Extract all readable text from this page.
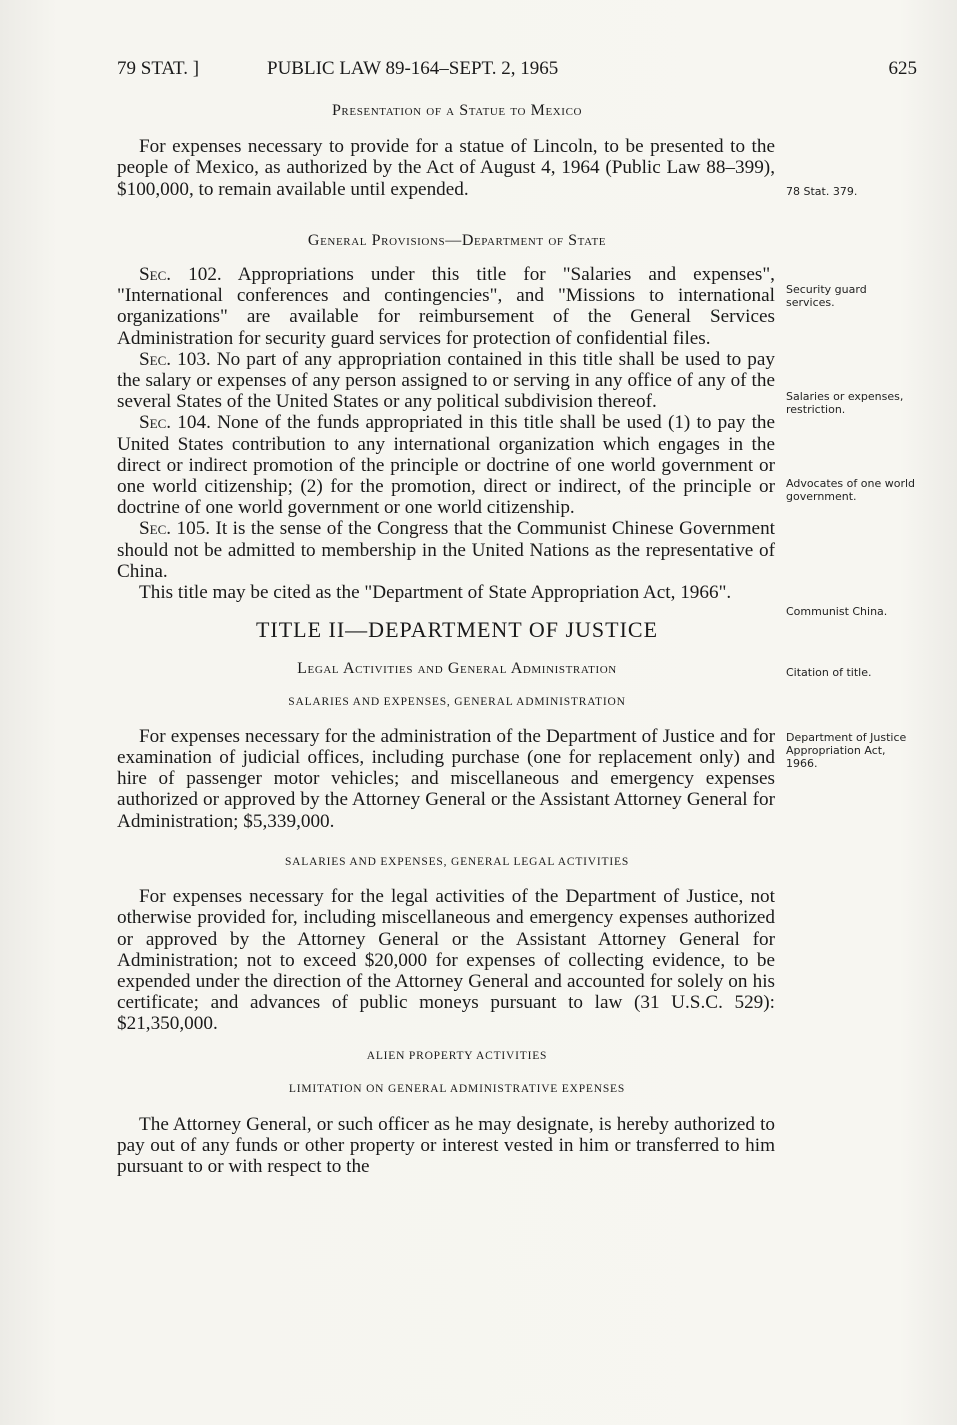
79 STAT. ]	PUBLIC LAW 89-164–SEPT. 2, 1965	625

Presentation of a Statue to Mexico

For expenses necessary to provide for a statue of Lincoln, to be presented to the people of Mexico, as authorized by the Act of August 4, 1964 (Public Law 88–399), $100,000, to remain available until expended.

General Provisions—Department of State

Sec. 102. Appropriations under this title for "Salaries and expenses", "International conferences and contingencies", and "Missions to international organizations" are available for reimbursement of the General Services Administration for security guard services for protection of confidential files.

Sec. 103. No part of any appropriation contained in this title shall be used to pay the salary or expenses of any person assigned to or serving in any office of any of the several States of the United States or any political subdivision thereof.

Sec. 104. None of the funds appropriated in this title shall be used (1) to pay the United States contribution to any international organization which engages in the direct or indirect promotion of the principle or doctrine of one world government or one world citizenship; (2) for the promotion, direct or indirect, of the principle or doctrine of one world government or one world citizenship.

Sec. 105. It is the sense of the Congress that the Communist Chinese Government should not be admitted to membership in the United Nations as the representative of China.

This title may be cited as the "Department of State Appropriation Act, 1966".

TITLE II—DEPARTMENT OF JUSTICE

Legal Activities and General Administration

SALARIES AND EXPENSES, GENERAL ADMINISTRATION

For expenses necessary for the administration of the Department of Justice and for examination of judicial offices, including purchase (one for replacement only) and hire of passenger motor vehicles; and miscellaneous and emergency expenses authorized or approved by the Attorney General or the Assistant Attorney General for Administration; $5,339,000.

SALARIES AND EXPENSES, GENERAL LEGAL ACTIVITIES

For expenses necessary for the legal activities of the Department of Justice, not otherwise provided for, including miscellaneous and emergency expenses authorized or approved by the Attorney General or the Assistant Attorney General for Administration; not to exceed $20,000 for expenses of collecting evidence, to be expended under the direction of the Attorney General and accounted for solely on his certificate; and advances of public moneys pursuant to law (31 U.S.C. 529): $21,350,000.

ALIEN PROPERTY ACTIVITIES

LIMITATION ON GENERAL ADMINISTRATIVE EXPENSES

The Attorney General, or such officer as he may designate, is hereby authorized to pay out of any funds or other property or interest vested in him or transferred to him pursuant to or with respect to the

78 Stat. 379.
Security guard services.
Salaries or expenses, restriction.
Advocates of one world government.
Communist China.
Citation of title.
Department of Justice Appropriation Act, 1966.
